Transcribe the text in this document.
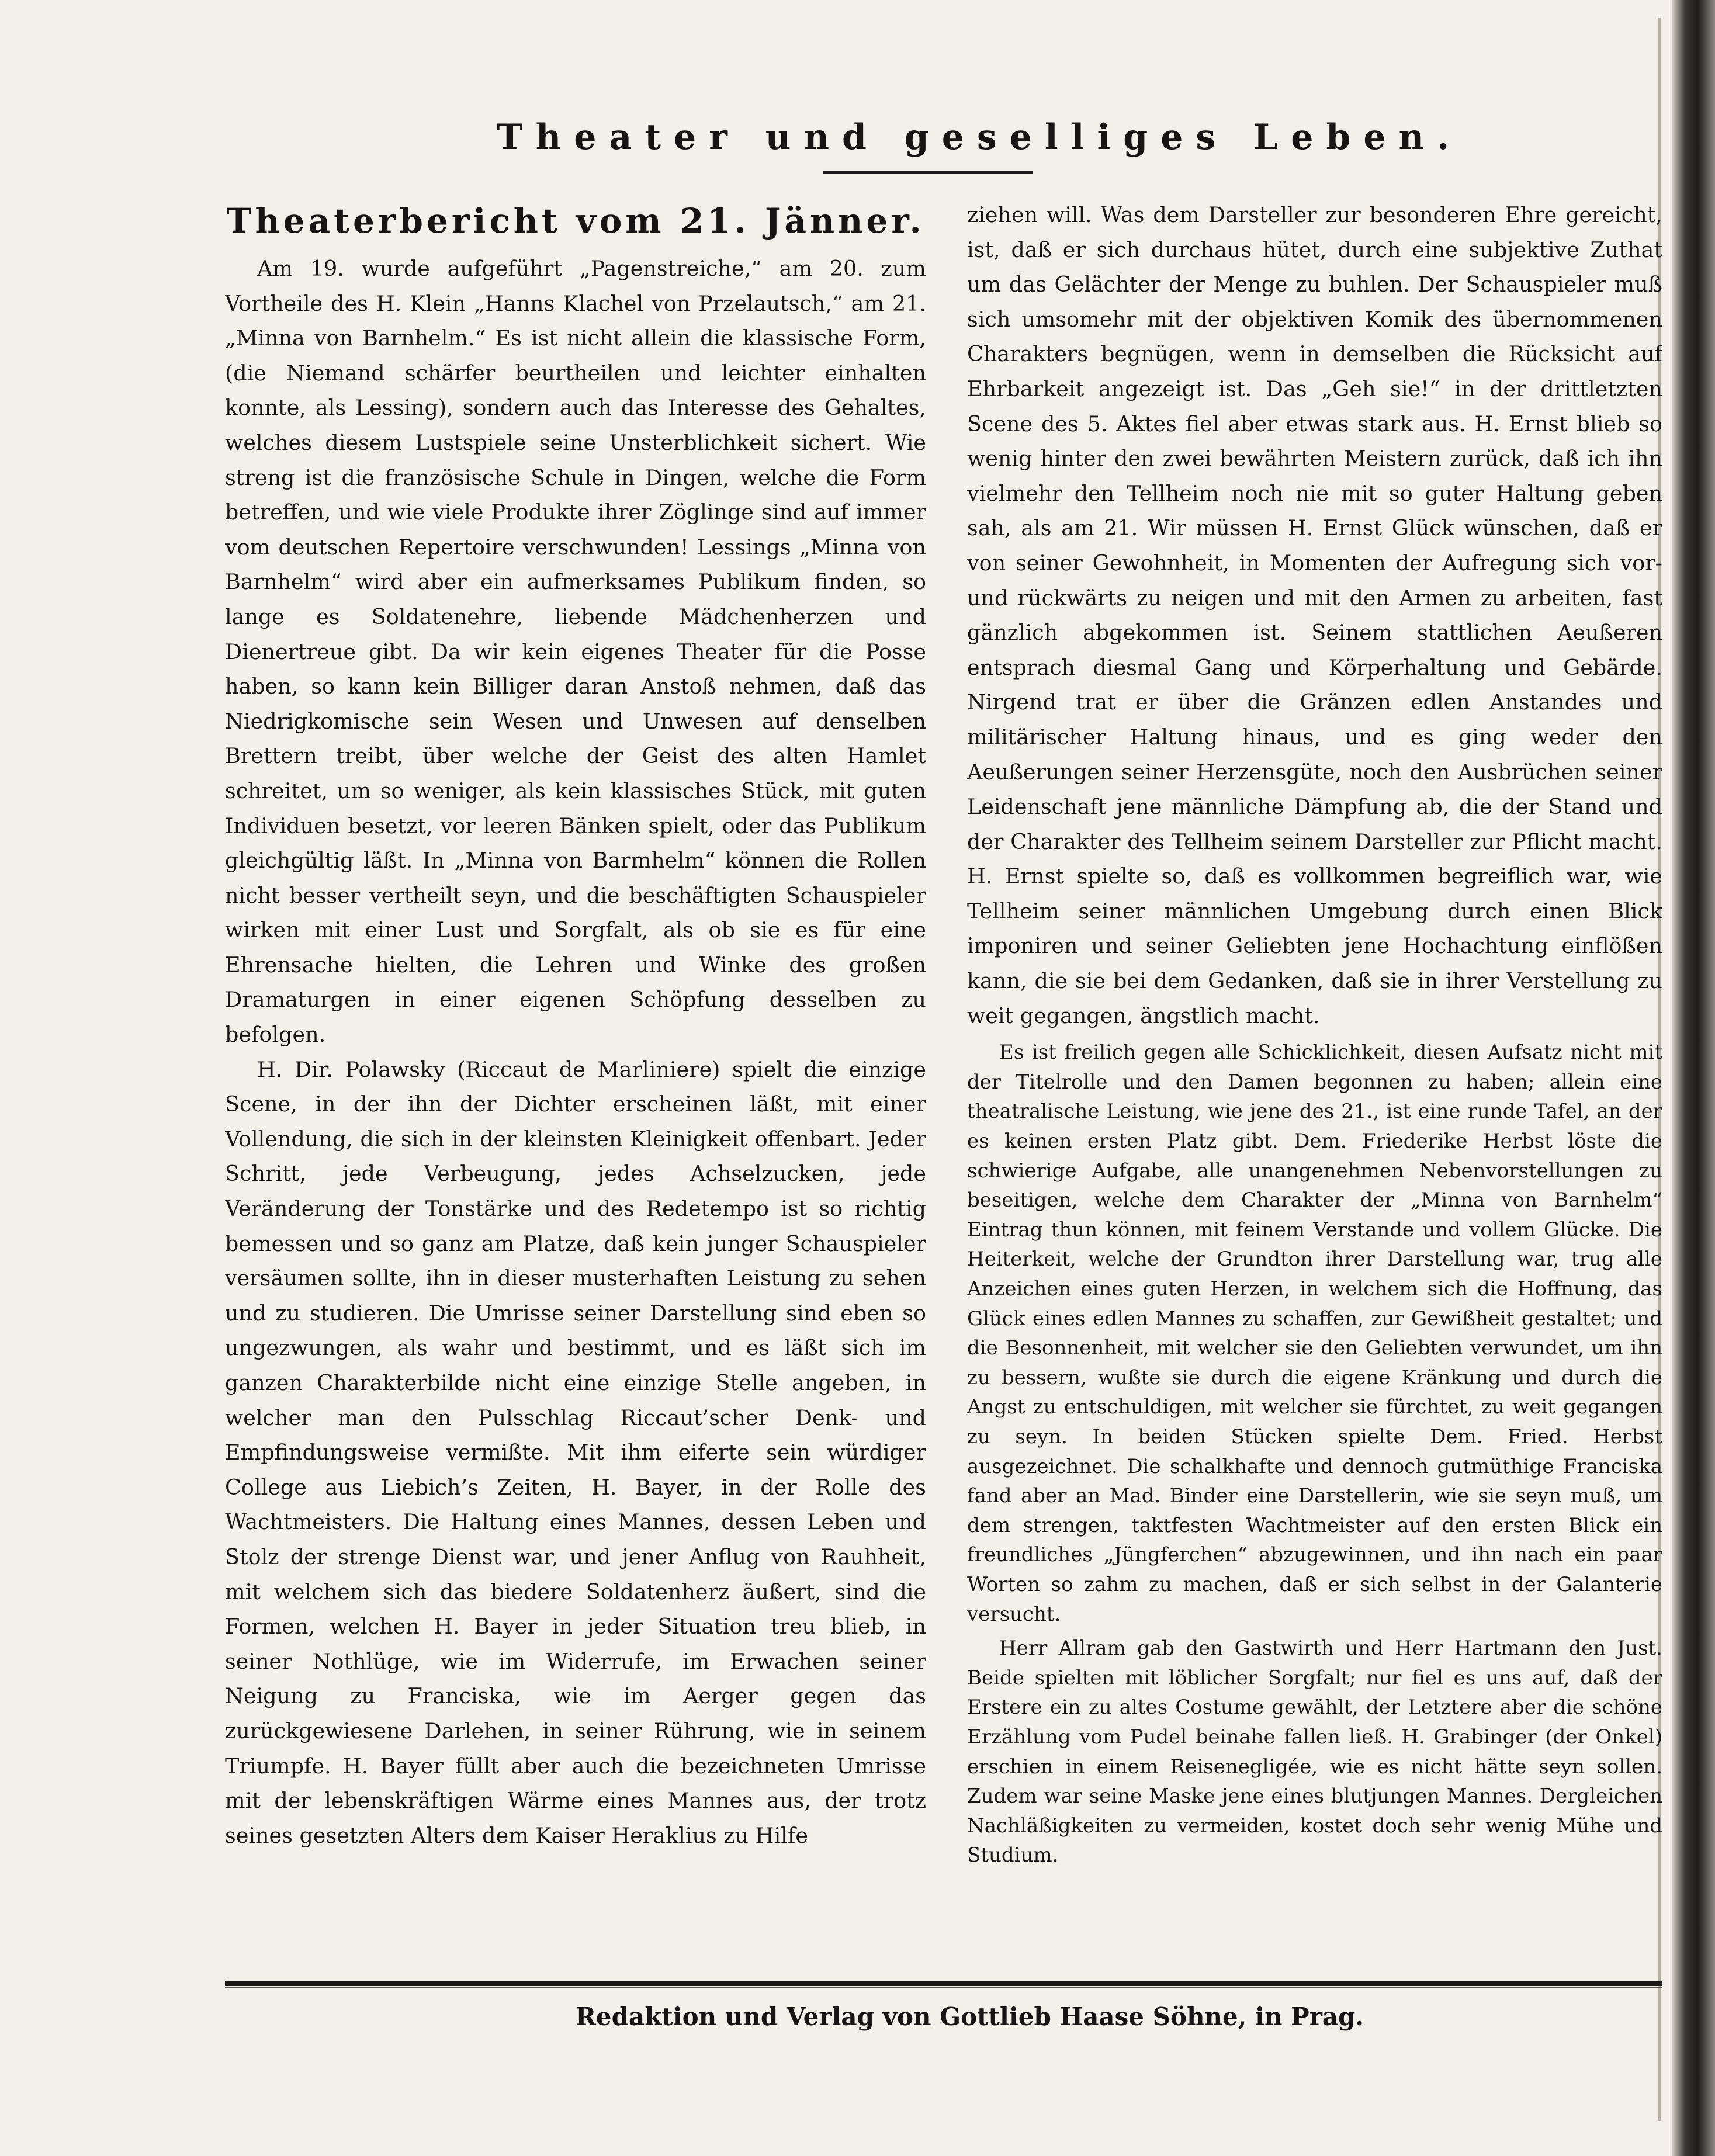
Theater und geselliges Leben.
Theaterbericht vom 21. Jänner.

Am 19. wurde aufgeführt „Pagenstreiche,“ am 20. zum Vortheile des H. Klein „Hanns Klachel von Przelautsch,“ am 21. „Minna von Barnhelm.“ Es ist nicht allein die klassische Form, (die Niemand schärfer beurtheilen und leichter einhalten konnte, als Lessing), sondern auch das Interesse des Gehaltes, welches diesem Lustspiele seine Unsterblichkeit sichert. Wie streng ist die französische Schule in Dingen, welche die Form betreffen, und wie viele Produkte ihrer Zöglinge sind auf immer vom deutschen Repertoire verschwunden! Lessings „Minna von Barnhelm“ wird aber ein aufmerksames Publikum finden, so lange es Soldatenehre, liebende Mädchenherzen und Dienertreue gibt. Da wir kein eigenes Theater für die Posse haben, so kann kein Billiger daran Anstoß nehmen, daß das Niedrigkomische sein Wesen und Unwesen auf denselben Brettern treibt, über welche der Geist des alten Hamlet schreitet, um so weniger, als kein klassisches Stück, mit guten Individuen besetzt, vor leeren Bänken spielt, oder das Publikum gleichgültig läßt. In „Minna von Barmhelm“ können die Rollen nicht besser vertheilt seyn, und die beschäftigten Schauspieler wirken mit einer Lust und Sorgfalt, als ob sie es für eine Ehrensache hielten, die Lehren und Winke des großen Dramaturgen in einer eigenen Schöpfung desselben zu befolgen.

H. Dir. Polawsky (Riccaut de Marliniere) spielt die einzige Scene, in der ihn der Dichter erscheinen läßt, mit einer Vollendung, die sich in der kleinsten Kleinigkeit offenbart. Jeder Schritt, jede Verbeugung, jedes Achselzucken, jede Veränderung der Tonstärke und des Redetempo ist so richtig bemessen und so ganz am Platze, daß kein junger Schauspieler versäumen sollte, ihn in dieser musterhaften Leistung zu sehen und zu studieren. Die Umrisse seiner Darstellung sind eben so ungezwungen, als wahr und bestimmt, und es läßt sich im ganzen Charakterbilde nicht eine einzige Stelle angeben, in welcher man den Pulsschlag Riccaut’scher Denk- und Empfindungsweise vermißte. Mit ihm eiferte sein würdiger College aus Liebich’s Zeiten, H. Bayer, in der Rolle des Wachtmeisters. Die Haltung eines Mannes, dessen Leben und Stolz der strenge Dienst war, und jener Anflug von Rauhheit, mit welchem sich das biedere Soldatenherz äußert, sind die Formen, welchen H. Bayer in jeder Situation treu blieb, in seiner Nothlüge, wie im Widerrufe, im Erwachen seiner Neigung zu Franciska, wie im Aerger gegen das zurückgewiesene Darlehen, in seiner Rührung, wie in seinem Triumpfe. H. Bayer füllt aber auch die bezeichneten Umrisse mit der lebenskräftigen Wärme eines Mannes aus, der trotz seines gesetzten Alters dem Kaiser Heraklius zu Hilfe

ziehen will. Was dem Darsteller zur besonderen Ehre gereicht, ist, daß er sich durchaus hütet, durch eine subjektive Zuthat um das Gelächter der Menge zu buhlen. Der Schauspieler muß sich umsomehr mit der objektiven Komik des übernommenen Charakters begnügen, wenn in demselben die Rücksicht auf Ehrbarkeit angezeigt ist. Das „Geh sie!“ in der drittletzten Scene des 5. Aktes fiel aber etwas stark aus. H. Ernst blieb so wenig hinter den zwei bewährten Meistern zurück, daß ich ihn vielmehr den Tellheim noch nie mit so guter Haltung geben sah, als am 21. Wir müssen H. Ernst Glück wünschen, daß er von seiner Gewohnheit, in Momenten der Aufregung sich vor- und rückwärts zu neigen und mit den Armen zu arbeiten, fast gänzlich abgekommen ist. Seinem stattlichen Aeußeren entsprach diesmal Gang und Körperhaltung und Gebärde. Nirgend trat er über die Gränzen edlen Anstandes und militärischer Haltung hinaus, und es ging weder den Aeußerungen seiner Herzensgüte, noch den Ausbrüchen seiner Leidenschaft jene männliche Dämpfung ab, die der Stand und der Charakter des Tellheim seinem Darsteller zur Pflicht macht. H. Ernst spielte so, daß es vollkommen begreiflich war, wie Tellheim seiner männlichen Umgebung durch einen Blick imponiren und seiner Geliebten jene Hochachtung einflößen kann, die sie bei dem Gedanken, daß sie in ihrer Verstellung zu weit gegangen, ängstlich macht.

Es ist freilich gegen alle Schicklichkeit, diesen Aufsatz nicht mit der Titelrolle und den Damen begonnen zu haben; allein eine theatralische Leistung, wie jene des 21., ist eine runde Tafel, an der es keinen ersten Platz gibt. Dem. Friederike Herbst löste die schwierige Aufgabe, alle unangenehmen Nebenvorstellungen zu beseitigen, welche dem Charakter der „Minna von Barnhelm“ Eintrag thun können, mit feinem Verstande und vollem Glücke. Die Heiterkeit, welche der Grundton ihrer Darstellung war, trug alle Anzeichen eines guten Herzen, in welchem sich die Hoffnung, das Glück eines edlen Mannes zu schaffen, zur Gewißheit gestaltet; und die Besonnenheit, mit welcher sie den Geliebten verwundet, um ihn zu bessern, wußte sie durch die eigene Kränkung und durch die Angst zu entschuldigen, mit welcher sie fürchtet, zu weit gegangen zu seyn. In beiden Stücken spielte Dem. Fried. Herbst ausgezeichnet. Die schalkhafte und dennoch gutmüthige Franciska fand aber an Mad. Binder eine Darstellerin, wie sie seyn muß, um dem strengen, taktfesten Wachtmeister auf den ersten Blick ein freundliches „Jüngferchen“ abzugewinnen, und ihn nach ein paar Worten so zahm zu machen, daß er sich selbst in der Galanterie versucht.

Herr Allram gab den Gastwirth und Herr Hartmann den Just. Beide spielten mit löblicher Sorgfalt; nur fiel es uns auf, daß der Erstere ein zu altes Costume gewählt, der Letztere aber die schöne Erzählung vom Pudel beinahe fallen ließ. H. Grabinger (der Onkel) erschien in einem Reisenegligée, wie es nicht hätte seyn sollen. Zudem war seine Maske jene eines blutjungen Mannes. Dergleichen Nachläßigkeiten zu vermeiden, kostet doch sehr wenig Mühe und Studium.

Redaktion und Verlag von Gottlieb Haase Söhne, in Prag.
